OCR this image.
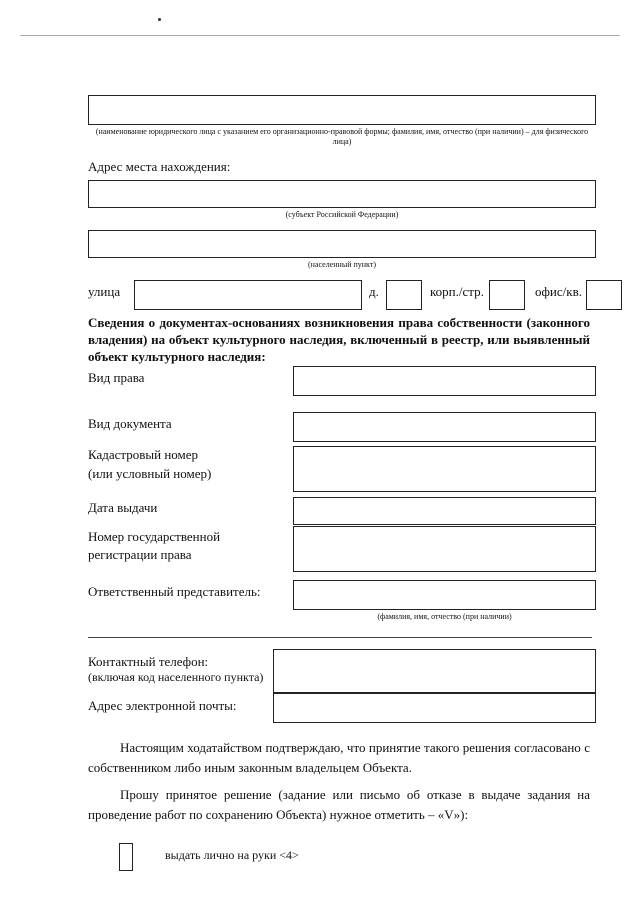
(наименование юридического лица с указанием его организационно-правовой формы; фамилия, имя, отчество (при наличии) – для физического лица)
Адрес места нахождения:
(субъект Российской Федерации)
(населенный пункт)
улица	д.	корп./стр.	офис/кв.
Сведения о документах-основаниях возникновения права собственности (законного владения) на объект культурного наследия, включенный в реестр, или выявленный объект культурного наследия:
Вид права
Вид документа
Кадастровый номер
(или условный номер)
Дата выдачи
Номер государственной
регистрации права
Ответственный представитель:
(фамилия, имя, отчество (при наличии)
Контактный телефон:
(включая код населенного пункта)
Адрес электронной почты:
Настоящим ходатайством подтверждаю, что принятие такого решения согласовано с собственником либо иным законным владельцем Объекта.
Прошу принятое решение (задание или письмо об отказе в выдаче задания на проведение работ по сохранению Объекта) нужное отметить – «V»):
выдать лично на руки <4>
